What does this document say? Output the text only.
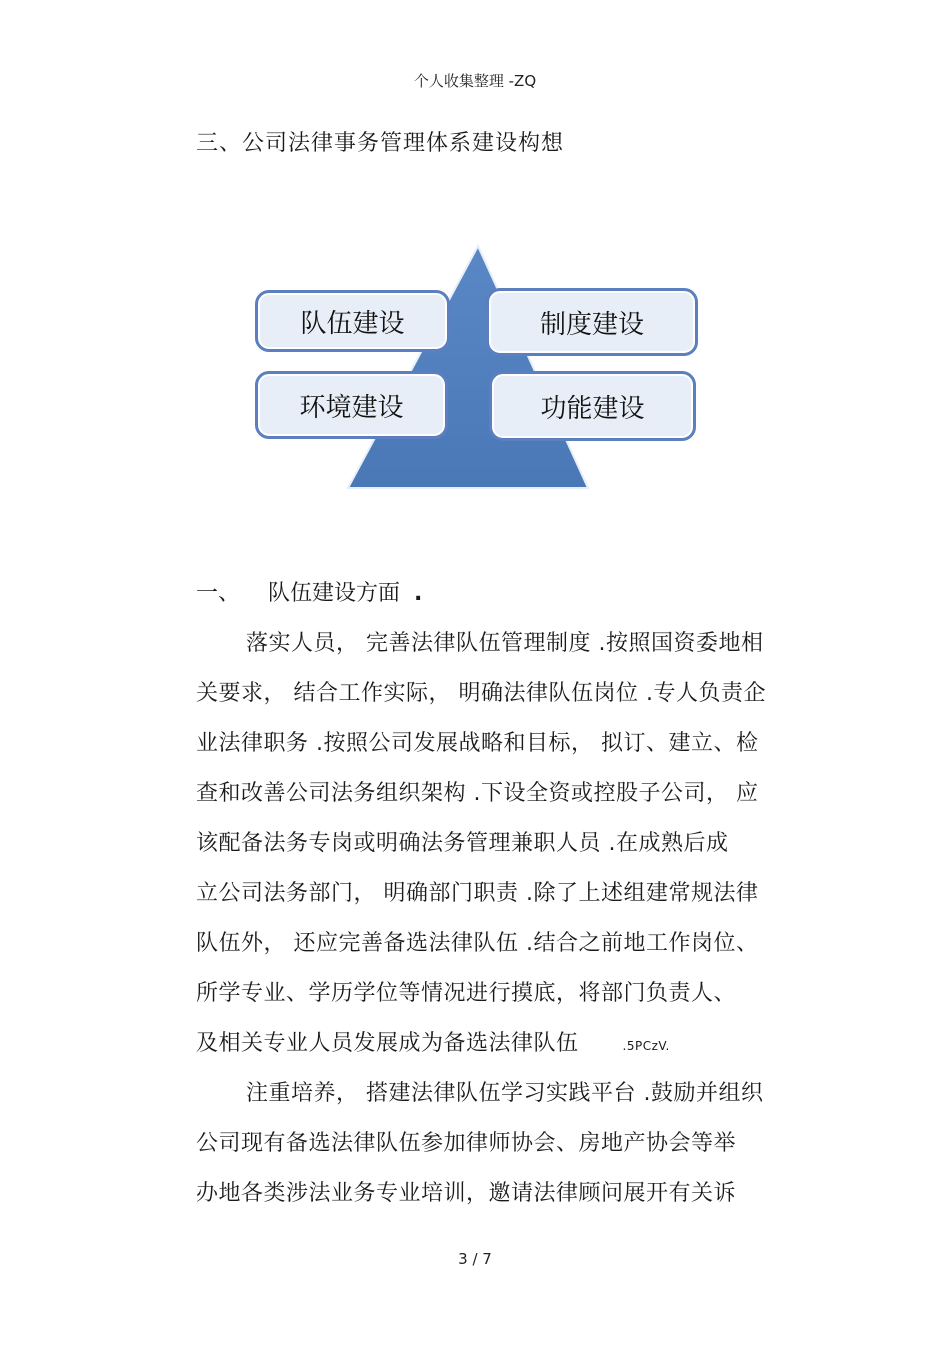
个人收集整理 -ZQ
三、公司法律事务管理体系建设构想
队伍建设	制度建设
环境建设	功能建设
一、 队伍建设方面 .
落实人员， 完善法律队伍管理制度 .按照国资委地相
关要求， 结合工作实际， 明确法律队伍岗位 .专人负责企
业法律职务 .按照公司发展战略和目标， 拟订、建立、检
查和改善公司法务组织架构 .下设全资或控股子公司， 应
该配备法务专岗或明确法务管理兼职人员 .在成熟后成
立公司法务部门， 明确部门职责 .除了上述组建常规法律
队伍外， 还应完善备选法律队伍 .结合之前地工作岗位、
所学专业、学历学位等情况进行摸底，将部门负责人、
及相关专业人员发展成为备选法律队伍	.5PCzV.
注重培养， 搭建法律队伍学习实践平台 .鼓励并组织
公司现有备选法律队伍参加律师协会、房地产协会等举
办地各类涉法业务专业培训，邀请法律顾问展开有关诉
3 / 7
